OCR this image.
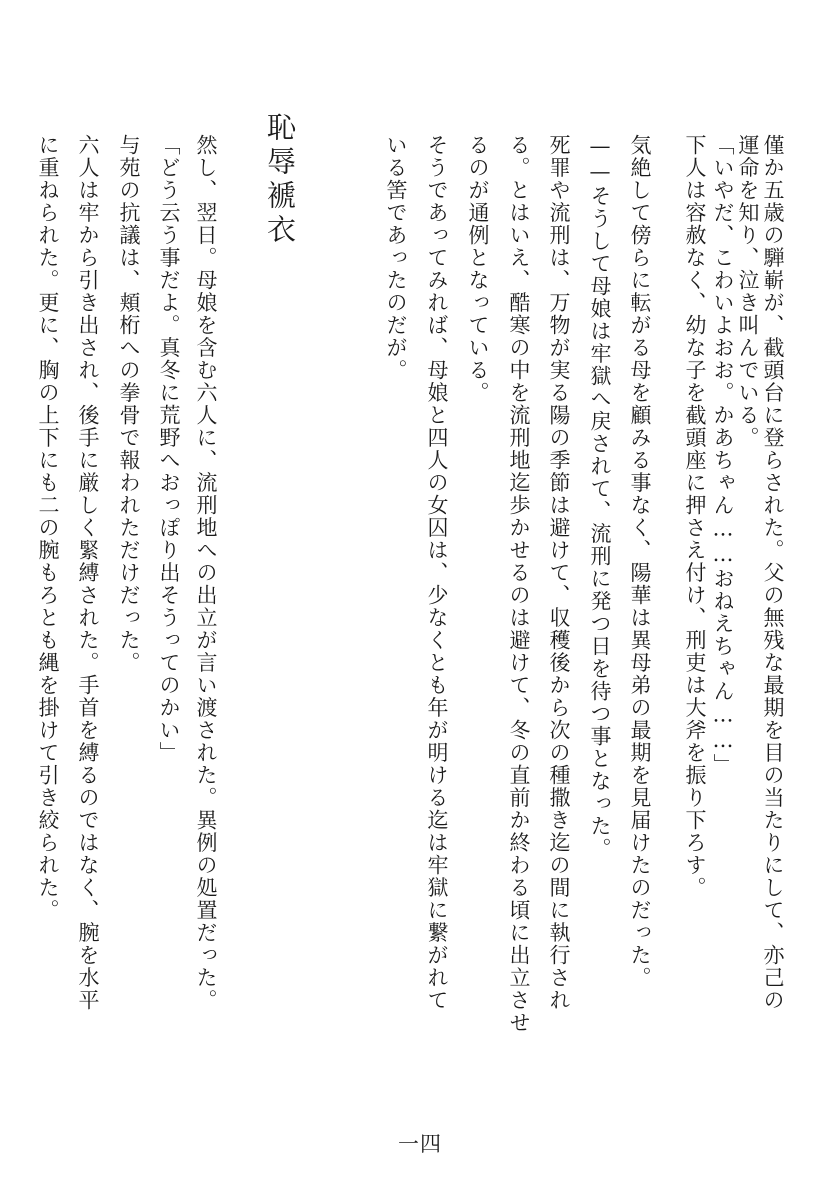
僅か五歳の騨嶄が、截頭台に登らされた。父の無残な最期を目の当たりにして、亦己の
運命を知り、泣き叫んでいる。
「いやだ、こわいよおお。かあちゃん……おねえちゃん……」
下人は容赦なく、幼な子を截頭座に押さえ付け、刑吏は大斧を振り下ろす。
気絶して傍らに転がる母を顧みる事なく、陽華は異母弟の最期を見届けたのだった。
——そうして母娘は牢獄へ戻されて、流刑に発つ日を待つ事となった。
死罪や流刑は、万物が実る陽の季節は避けて、収穫後から次の種撒き迄の間に執行され
る。とはいえ、酷寒の中を流刑地迄歩かせるのは避けて、冬の直前か終わる頃に出立させ
るのが通例となっている。
そうであってみれば、母娘と四人の女囚は、少なくとも年が明ける迄は牢獄に繋がれて
いる筈であったのだが。
恥辱褫衣
然し、翌日。母娘を含む六人に、流刑地への出立が言い渡された。異例の処置だった。
「どう云う事だよ。真冬に荒野へおっぽり出そうってのかい」
与苑の抗議は、頬桁への拳骨で報われただけだった。
六人は牢から引き出され、後手に厳しく緊縛された。手首を縛るのではなく、腕を水平
に重ねられた。更に、胸の上下にも二の腕もろとも縄を掛けて引き絞られた。
一四
